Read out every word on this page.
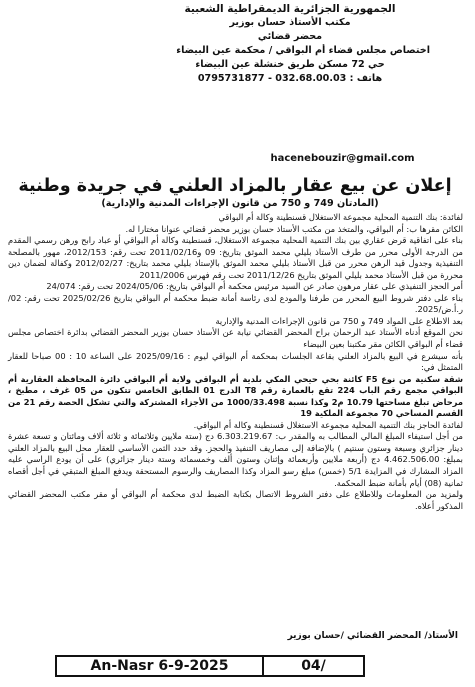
الجمهورية الجزائرية الديمقراطية الشعبية
مكتب الأستاذ حسان بوزير
محضر قضائي
اختصاص مجلس قضاء أم البواقي / محكمة عين البيضاء
حي 72 مسكن طريق خنشلة عين البيضاء
هاتف : 032.68.00.03 - 0795731877
hacenebouzir@gmail.com
إعلان عن بيع عقار بالمزاد العلني في جريدة وطنية
(المادتان 749 و 750 من قانون الإجراءات المدنية والإدارية)

لفائدة: بنك التنمية المحلية مجموعة الاستغلال قسنطينة وكالة أم البواقي

الكائن مقرها ب: أم البواقي، والمتخذ من مكتب الأستاذ حسان بوزير محضر قضائي عنوانا مختارا له.

بناء على اتفاقية قرض عقاري بين بنك التنمية المحلية مجموعة الاستغلال، قسنطينة وكالة أم البواقي أو عباد رابح ورهن رسمي المقدم من الدرجة الأولى محرر من طرف الأستاذ بليلي محمد الموثق بتاريخ: 09 و2011/02/16 تحت رقم: 2012/153، مهور بالمصلحة التنفيذية وجدول قيد الرهن محرر من قبل الأستاذ بليلي محمد الموثق بالإستاذ بليلي محمد بتاريخ: 2012/02/27 وكفالة لضمان دين محررة من قبل الأستاذ محمد بليلي الموثق بتاريخ 2011/12/26 تحت رقم فهرس 2011/2006

أمر الحجز التنفيذي على عقار مرهون صادر عن السيد مرئيس محكمة أم البواقي بتاريخ: 2024/05/06 تحت رقم: 24/074

بناء على دفتر شروط البيع المحرر من طرفنا والمودع لدى رئاسة أمانة ضبط محكمة أم البواقي بتاريخ 2025/02/26 تحت رقم: 02/ ر.أ.ض/2025.

بعد الاطلاع على المواد 749 و 750 من قانون الإجراءات المدنية والإدارية

نحن الموقع أدناه الأستاذ عبد الرحمان براح المحضر القضائي نيابة عن الأستاذ حسان بوزير المحضر القضائي بدائرة اختصاص مجلس قضاء أم البواقي الكائن مقر مكتبنا بعين البيضاء

بأنه سيشرع في البيع بالمزاد العلني بقاعة الجلسات بمحكمة أم البواقي ليوم : 2025/09/16 على الساعة 10 : 00 صباحا للعقار المتمثل في:

شقة سكنية من نوع F5 كائنة بحي حيحي المكي بلدية أم البواقي ولاية أم البواقي دائرة المحافظة العقارية أم البواقي مجمع رقم الباب 224 تقع بالعمارة رقم T8 الدرج 01 الطابق الخامس تتكون من 05 غرف ، مطبخ ، مرحاض تبلغ مساحتها 10.79 م2 وكذا نسبة 1000/33.498 من الأجزاء المشتركة والتي تشكل الحصة رقم 21 من القسم المساحي 70 مجموعة الملكية 19

لفائدة الحاجز بنك التنمية المحلية مجموعة الاستغلال قسنطينة وكالة أم البواقي.

من أجل استيفاء المبلغ المالي المطالب به والمقدر ب: 6.303.219.67 دج (ستة ملايين وثلاثمائة و ثلاثة ألاف ومائتان و تسعة عشرة دينار جزائري وسبعة وستون سنتيم ) بالإضافة إلى مصاريف التنفيذ والحجز. وقد حدد الثمن الأساسي للعقار محل البيع بالمزاد العلني بمبلغ: 4.462.506.00 دج (أربعة ملايين وأربعمائة وإثنان وستون ألف وخمسمائة وستة دينار جزائري) على أن يودع الراسي عليه المزاد المشارك في المزايدة 5/1 (خمس) مبلغ رسو المزاد وكذا المصاريف والرسوم المستحقة ويدفع المبلغ المتبقي في أجل أقصاه ثمانية (08) أيام بأمانة ضبط المحكمة.

ولمزيد من المعلومات وللاطلاع على دفتر الشروط الاتصال بكتابة الضبط لدى محكمة أم البواقي أو مقر مكتب المحضر القضائي المذكور أعلاه.

الأستاذ/ المحضر القضائي /حسان بوزير
An-Nasr 6-9-2025	04/
